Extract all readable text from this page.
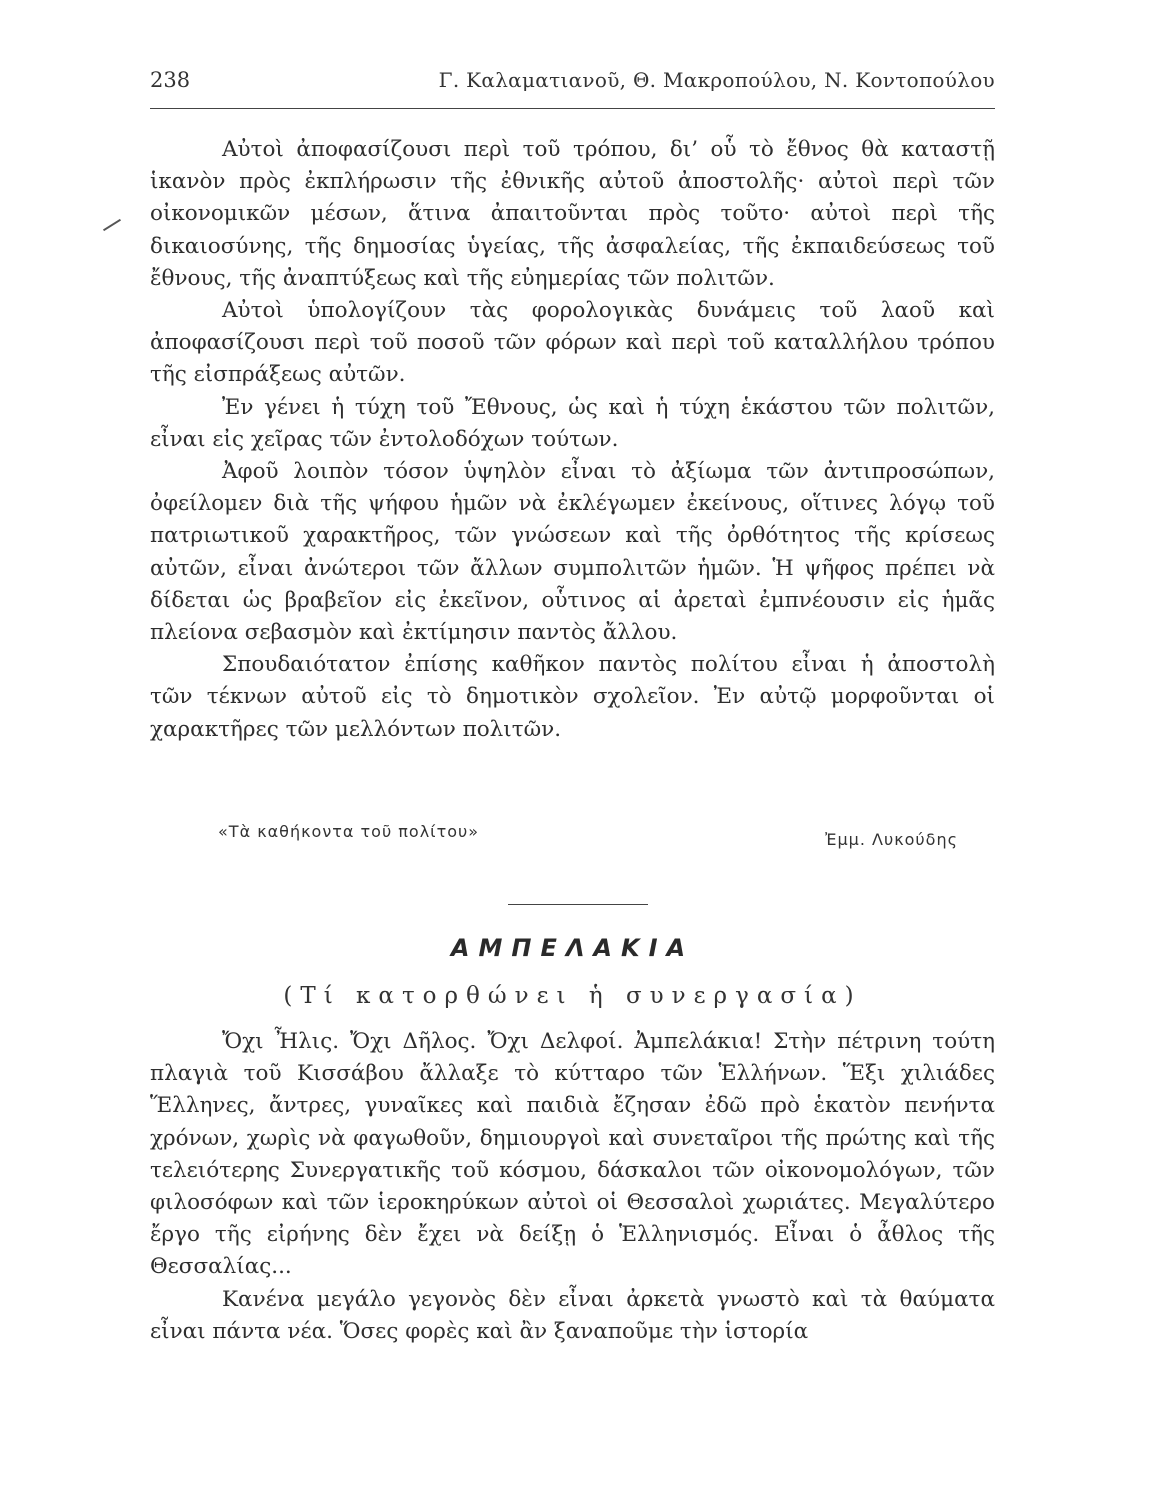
238	Γ. Καλαματιανοῦ, Θ. Μακροπούλου, Ν. Κοντοπούλου

Αὐτοὶ ἀποφασίζουσι περὶ τοῦ τρόπου, δι’ οὗ τὸ ἔθνος θὰ καταστῇ ἱκανὸν πρὸς ἐκπλήρωσιν τῆς ἐθνικῆς αὐτοῦ ἀποστολῆς· αὐτοὶ περὶ τῶν οἰκονομικῶν μέσων, ἅτινα ἀπαιτοῦνται πρὸς τοῦτο· αὐτοὶ περὶ τῆς δικαιοσύνης, τῆς δημοσίας ὑγείας, τῆς ἀσφαλείας, τῆς ἐκπαιδεύσεως τοῦ ἔθνους, τῆς ἀναπτύξεως καὶ τῆς εὐημερίας τῶν πολιτῶν.

Αὐτοὶ ὑπολογίζουν τὰς φορολογικὰς δυνάμεις τοῦ λαοῦ καὶ ἀποφασίζουσι περὶ τοῦ ποσοῦ τῶν φόρων καὶ περὶ τοῦ καταλλήλου τρόπου τῆς εἰσπράξεως αὐτῶν.

Ἐν γένει ἡ τύχη τοῦ Ἔθνους, ὡς καὶ ἡ τύχη ἑκάστου τῶν πολιτῶν, εἶναι εἰς χεῖρας τῶν ἐντολοδόχων τούτων.

Ἀφοῦ λοιπὸν τόσον ὑψηλὸν εἶναι τὸ ἀξίωμα τῶν ἀντιπροσώπων, ὀφείλομεν διὰ τῆς ψήφου ἡμῶν νὰ ἐκλέγωμεν ἐκείνους, οἵτινες λόγῳ τοῦ πατριωτικοῦ χαρακτῆρος, τῶν γνώσεων καὶ τῆς ὀρθότητος τῆς κρίσεως αὐτῶν, εἶναι ἀνώτεροι τῶν ἄλλων συμπολιτῶν ἡμῶν. Ἡ ψῆφος πρέπει νὰ δίδεται ὡς βραβεῖον εἰς ἐκεῖνον, οὗτινος αἱ ἀρεταὶ ἐμπνέουσιν εἰς ἡμᾶς πλείονα σεβασμὸν καὶ ἐκτίμησιν παντὸς ἄλλου.

Σπουδαιότατον ἐπίσης καθῆκον παντὸς πολίτου εἶναι ἡ ἀποστολὴ τῶν τέκνων αὐτοῦ εἰς τὸ δημοτικὸν σχολεῖον. Ἐν αὐτῷ μορφοῦνται οἱ χαρακτῆρες τῶν μελλόντων πολιτῶν.

«Τὰ καθήκοντα τοῦ πολίτου»	Ἐμμ. Λυκούδης
ΑΜΠΕΛΑΚΙΑ
(Τί κατορθώνει ἡ συνεργασία)

Ὄχι Ἦλις. Ὄχι Δῆλος. Ὄχι Δελφοί. Ἀμπελάκια! Στὴν πέτρινη τούτη πλαγιὰ τοῦ Κισσάβου ἄλλαξε τὸ κύτταρο τῶν Ἑλλήνων. Ἕξι χιλιάδες Ἕλληνες, ἄντρες, γυναῖκες καὶ παιδιὰ ἔζησαν ἐδῶ πρὸ ἑκατὸν πενήντα χρόνων, χωρὶς νὰ φαγωθοῦν, δημιουργοὶ καὶ συνεταῖροι τῆς πρώτης καὶ τῆς τελειότερης Συνεργατικῆς τοῦ κόσμου, δάσκαλοι τῶν οἰκονομολόγων, τῶν φιλοσόφων καὶ τῶν ἱεροκηρύκων αὐτοὶ οἱ Θεσσαλοὶ χωριάτες. Μεγαλύτερο ἔργο τῆς εἰρήνης δὲν ἔχει νὰ δείξῃ ὁ Ἑλληνισμός. Εἶναι ὁ ἆθλος τῆς Θεσσαλίας...

Κανένα μεγάλο γεγονὸς δὲν εἶναι ἀρκετὰ γνωστὸ καὶ τὰ θαύματα εἶναι πάντα νέα. Ὅσες φορὲς καὶ ἂν ξαναποῦμε τὴν ἱστορία
